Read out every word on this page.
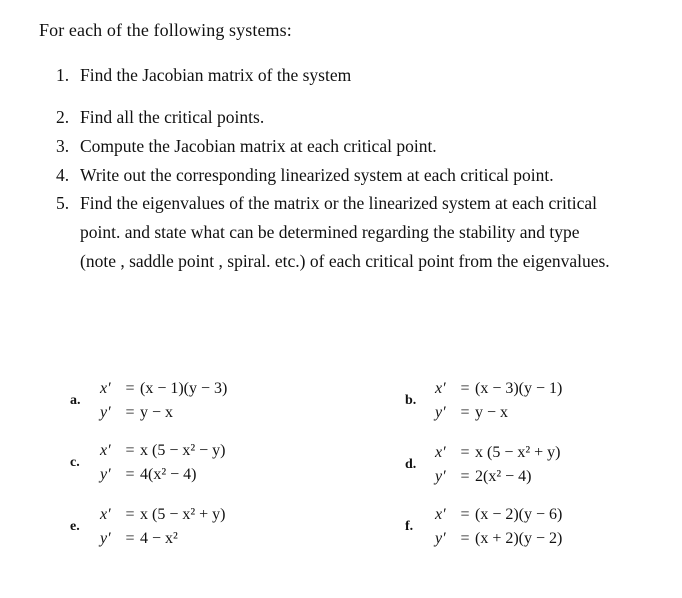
For each of the following systems:
1. Find the Jacobian matrix of the system
2. Find all the critical points.
3. Compute the Jacobian matrix at each critical point.
4. Write out the corresponding linearized system at each critical point.
5. Find the eigenvalues of the matrix or the linearized system at each critical point. and state what can be determined regarding the stability and type (note , saddle point , spiral. etc.) of each critical point from the eigenvalues.
a.
x′ = (x − 1)(y − 3)
y′ = y − x
b.
x′ = (x − 3)(y − 1)
y′ = y − x
c.
x′ = x (5 − x² − y)
y′ = 4(x² − 4)
d.
x′ = x (5 − x² + y)
y′ = 2(x² − 4)
e.
x′ = x (5 − x² + y)
y′ = 4 − x²
f.
x′ = (x − 2)(y − 6)
y′ = (x + 2)(y − 2)
